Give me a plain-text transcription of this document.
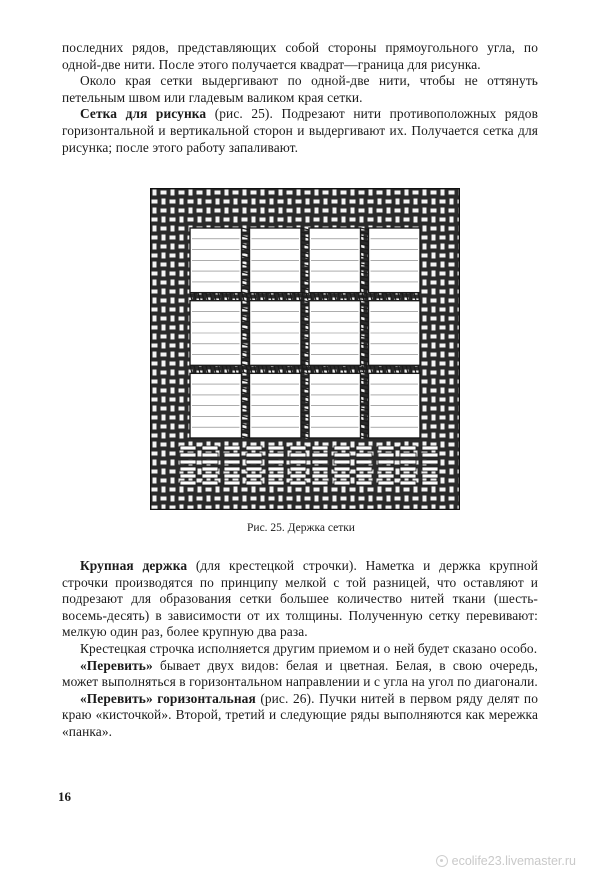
последних рядов, представляющих собой стороны прямоугольного угла, по одной-две нити. После этого получается квадрат—граница для рисунка.

Около края сетки выдергивают по одной-две нити, чтобы не оттянуть петельным швом или гладевым валиком края сетки.

Сетка для рисунка (рис. 25). Подрезают нити противоположных рядов горизонтальной и вертикальной сторон и выдергивают их. Получается сетка для рисунка; после этого работу запаливают.

Рис. 25. Держка сетки

Крупная держка (для крестецкой строчки). Наметка и держка крупной строчки производятся по принципу мелкой с той разницей, что оставляют и подрезают для образования сетки большее количество нитей ткани (шесть-восемь-десять) в зависимости от их толщины. Полученную сетку перевивают: мелкую один раз, более крупную два раза.

Крестецкая строчка исполняется другим приемом и о ней будет сказано особо.

«Перевить» бывает двух видов: белая и цветная. Белая, в свою очередь, может выполняться в горизонтальном направлении и с угла на угол по диагонали.

«Перевить» горизонтальная (рис. 26). Пучки нитей в первом ряду делят по краю «кисточкой». Второй, третий и следующие ряды выполняются как мережка «панка».

16
ecolife23.livemaster.ru
